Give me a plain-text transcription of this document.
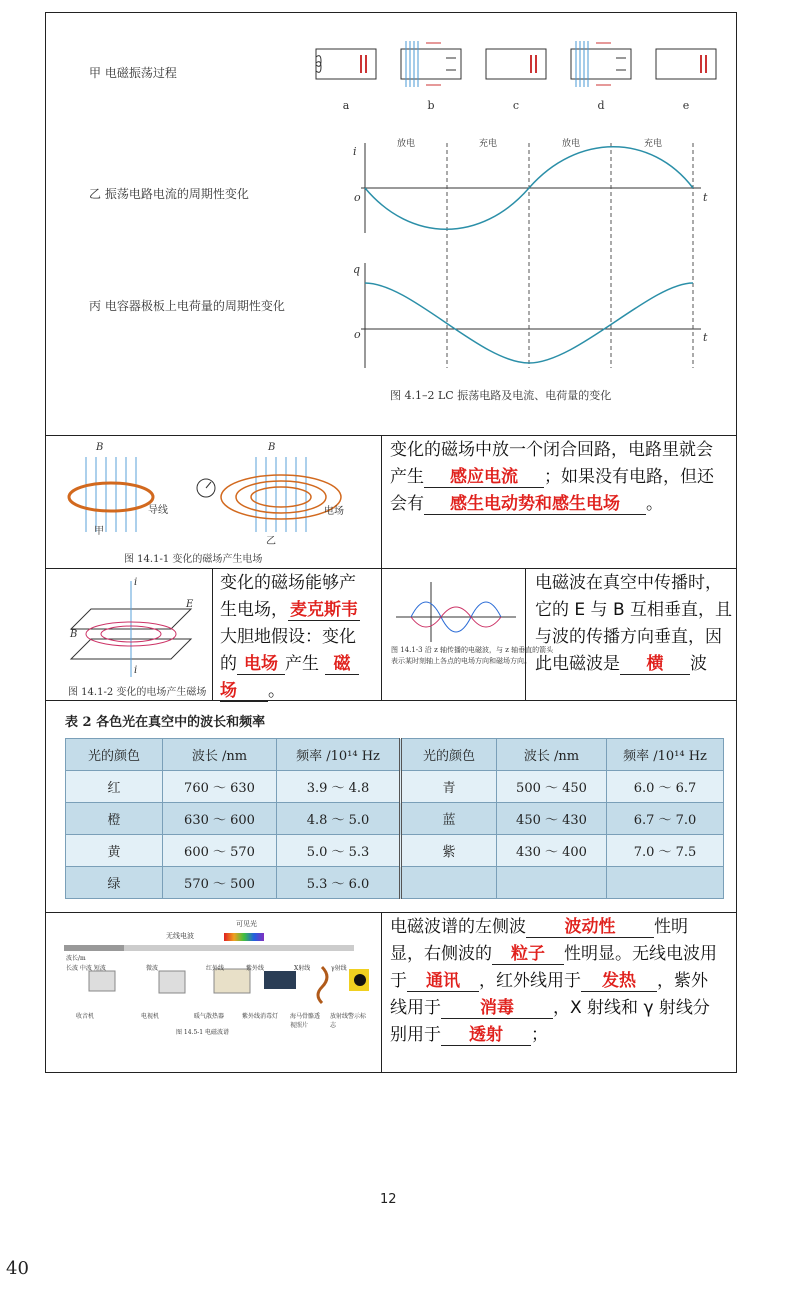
甲 电磁振荡过程
乙 振荡电路电流的周期性变化
丙 电容器极板上电荷量的周期性变化
a	b	c	d	e
放电	充电	放电	充电
i
q
t
t
o
o
图 4.1–2 LC 振荡电路及电流、电荷量的变化
B	B
导线	电场
甲
乙
图 14.1-1 变化的磁场产生电场
变化的磁场中放一个闭合回路，电路里就会
产生 感应电流 ；如果没有电路，但还
会有 感生电动势和感生电场 。
i
i
E
B
图 14.1-2 变化的电场产生磁场
变化的磁场能够产
生电场， 麦克斯韦
大胆地假设：变化
的 电场 产生 磁
场 。
图 14.1-3 沿 z 轴传播的电磁波，与 z 轴垂直的箭头
表示某时刻轴上各点的电场方向和磁场方向。
电磁波在真空中传播时，
它的 E 与 B 互相垂直，且
与波的传播方向垂直，因
此电磁波是 横 波
表 2 各色光在真空中的波长和频率
光的颜色	波长 /nm	频率 /10¹⁴ Hz	光的颜色	波长 /nm	频率 /10¹⁴ Hz
红	760 ～ 630	3.9 ～ 4.8	青	500 ～ 450	6.0 ～ 6.7
橙	630 ～ 600	4.8 ～ 5.0	蓝	450 ～ 430	6.7 ～ 7.0
黄	600 ～ 570	5.0 ～ 5.3	紫	430 ～ 400	7.0 ～ 7.5
绿	570 ～ 500	5.3 ～ 6.0			
可见光
无线电波
波长/m
长波 中波 短波	微波	红外线	紫外线	X射线	γ射线
收音机	电视机	暖气散热器	紫外线消毒灯 海马骨骼透视照片
放射线警示标志
图 14.5-1 电磁波谱
电磁波谱的左侧波 波动性 性明
显，右侧波的 粒子 性明显。无线电波用
于 通讯 ，红外线用于 发热 ，紫外
线用于 消毒 ，X 射线和 γ 射线分
别用于 透射 ；
12
40
